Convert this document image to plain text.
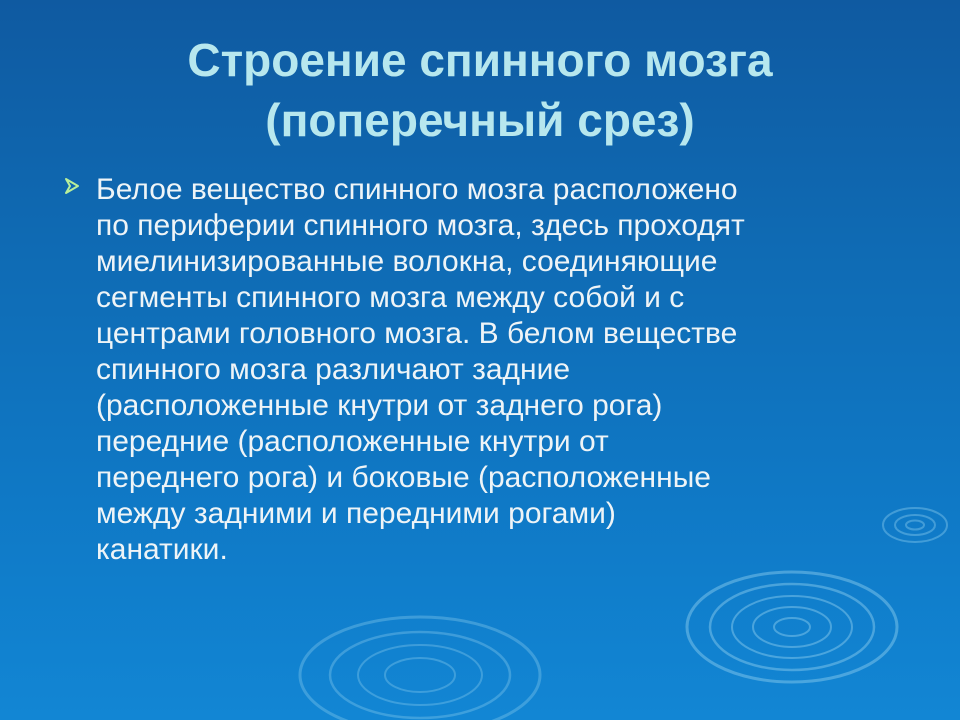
Строение спинного мозга
(поперечный срез)
Белое вещество спинного мозга расположено
по периферии спинного мозга, здесь проходят
миелинизированные волокна, соединяющие
сегменты спинного мозга между собой и с
центрами головного мозга. В белом веществе
спинного мозга различают задние
(расположенные кнутри от заднего рога)
передние (расположенные кнутри от
переднего рога) и боковые (расположенные
между задними и передними рогами)
канатики.
